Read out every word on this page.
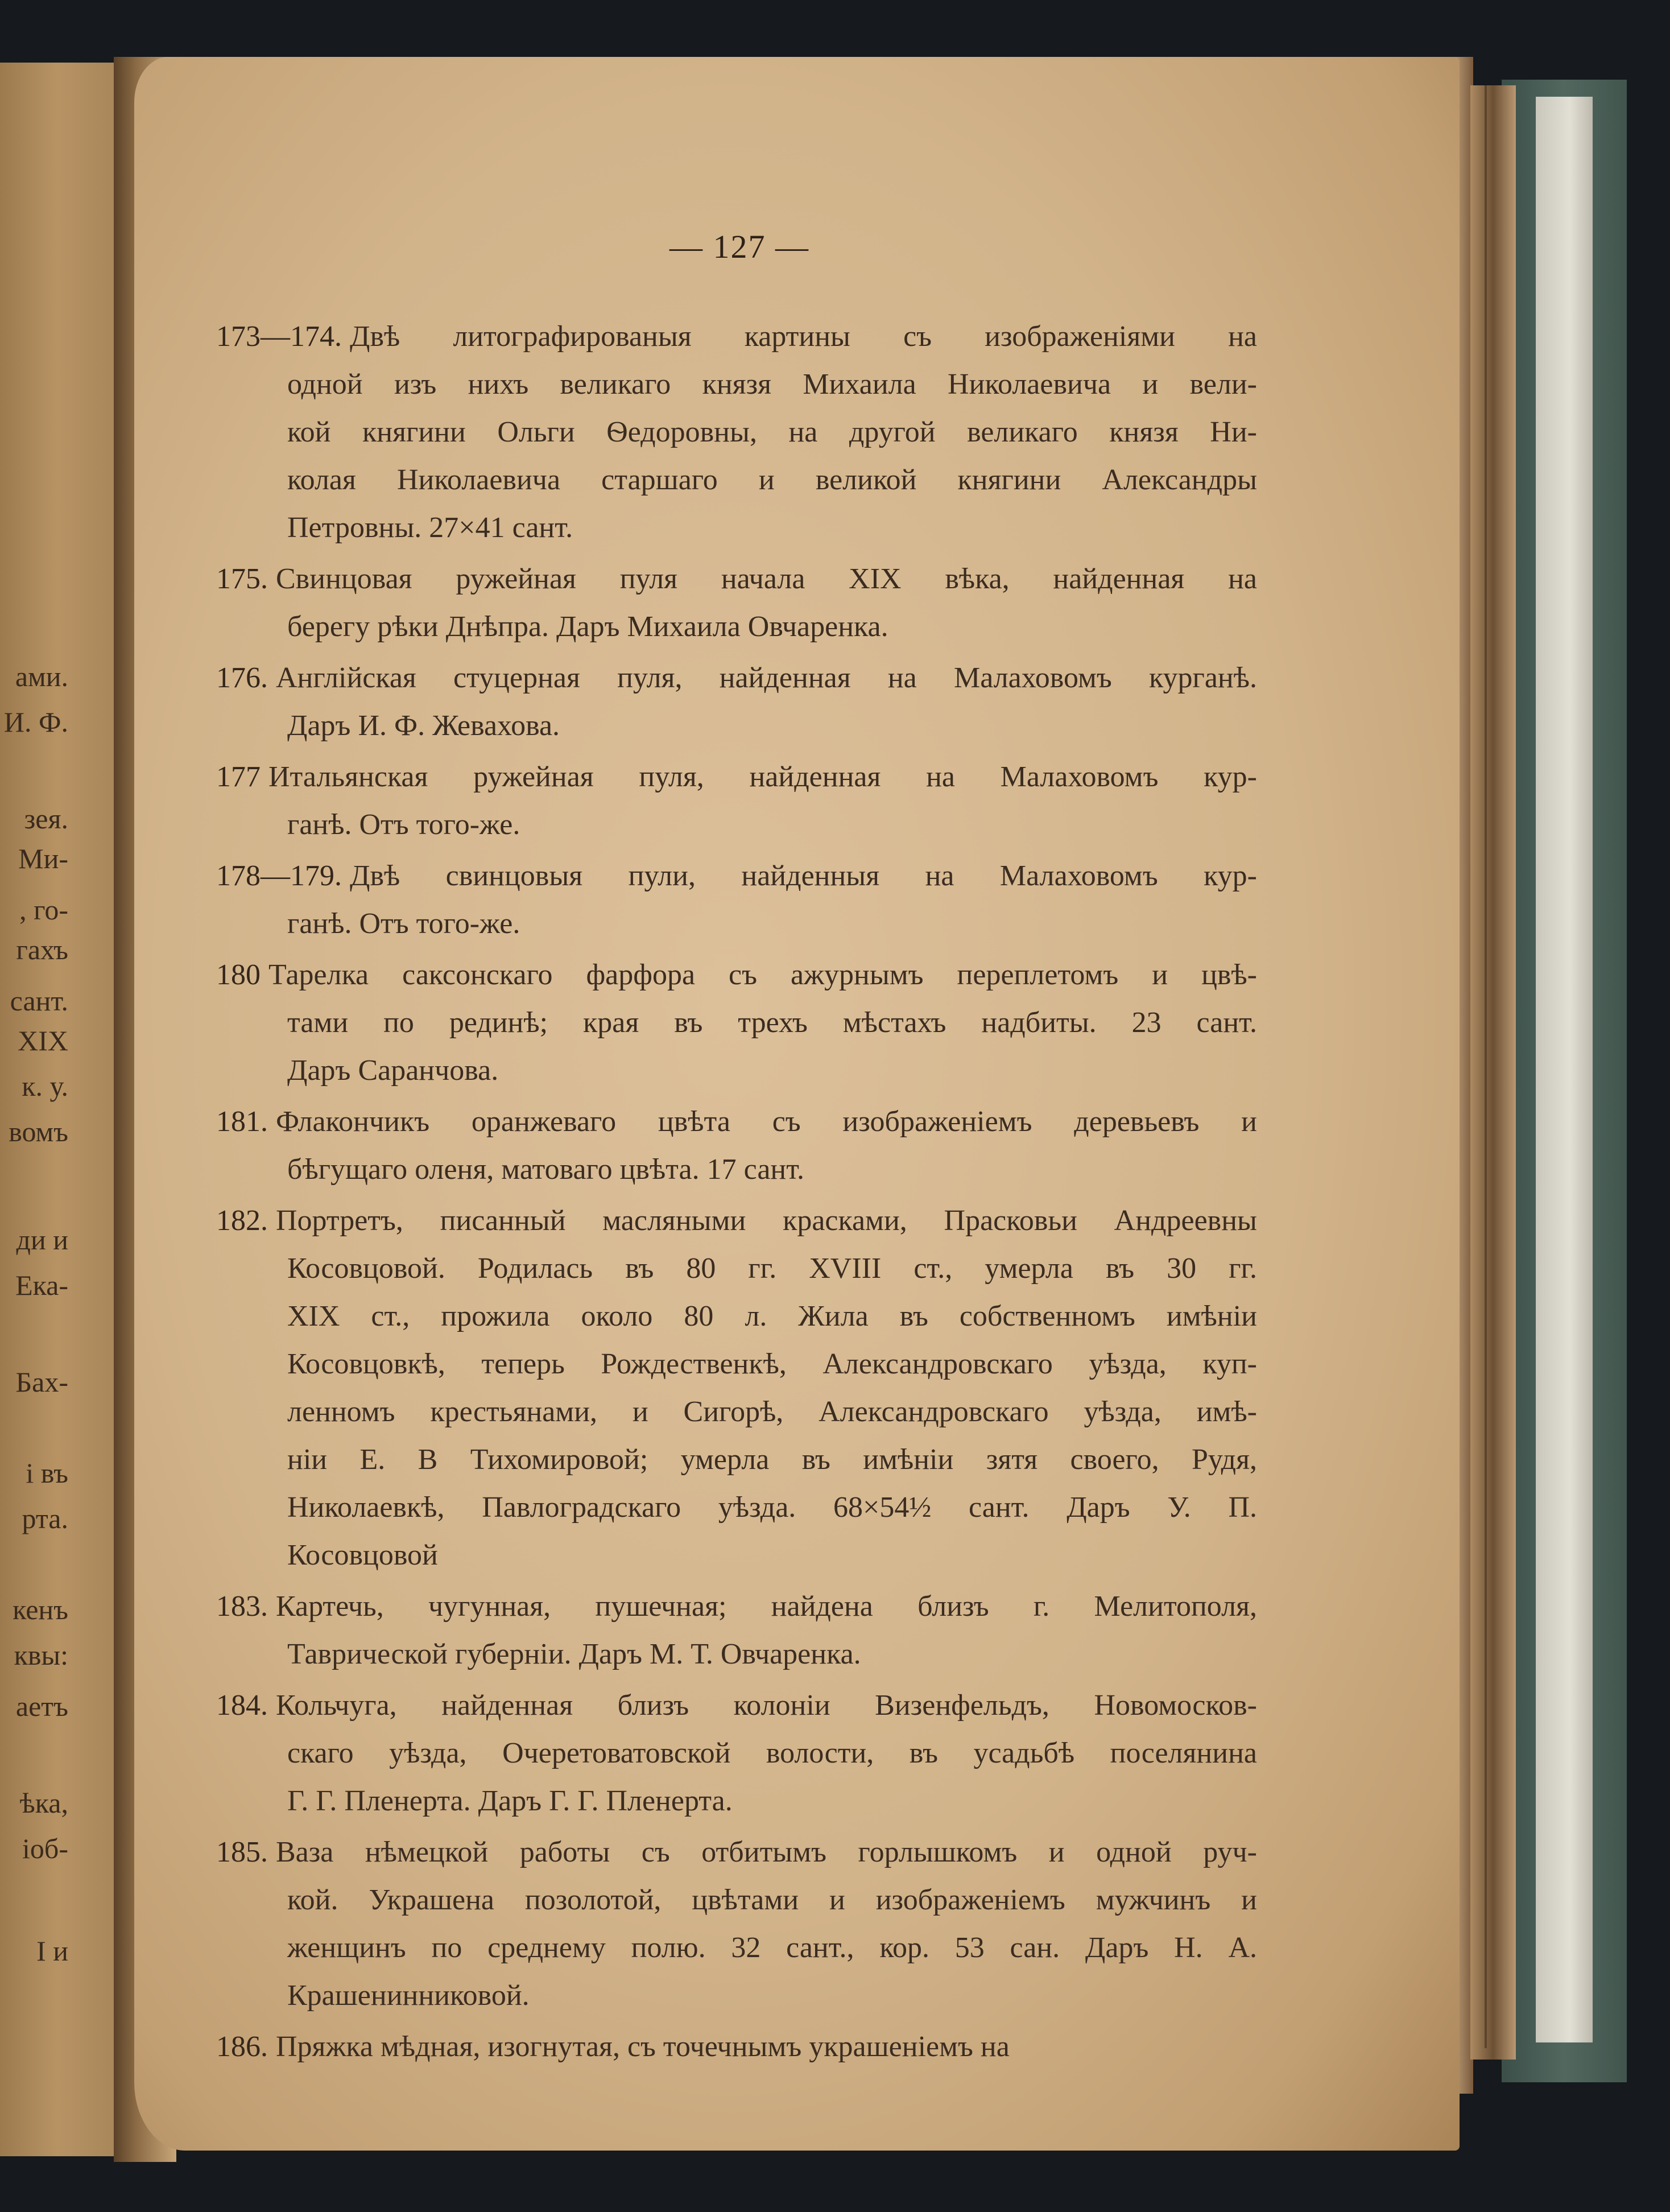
ами.
И. Ф.
зея.
Ми-
, го-
гахъ
сант.
XIX
к. у.
вомъ
ди и
Ека-
Бах-
і въ
рта.
кенъ
квы:
аетъ
ѣка,
іоб-
І и
— 127 —
173—174. Двѣ литографированыя картины съ изображеніями на
одной изъ нихъ великаго князя Михаила Николаевича и вели-
кой княгини Ольги Ѳедоровны, на другой великаго князя Ни-
колая Николаевича старшаго и великой княгини Александры
Петровны. 27×41 сант.
175. Свинцовая ружейная пуля начала XIX вѣка, найденная на
берегу рѣки Днѣпра. Даръ Михаила Овчаренка.
176. Англійская стуцерная пуля, найденная на Малаховомъ курганѣ.
Даръ И. Ф. Жевахова.
177 Итальянская ружейная пуля, найденная на Малаховомъ кур-
ганѣ. Отъ того-же.
178—179. Двѣ свинцовыя пули, найденныя на Малаховомъ кур-
ганѣ. Отъ того-же.
180 Тарелка саксонскаго фарфора съ ажурнымъ переплетомъ и цвѣ-
тами по рединѣ; края въ трехъ мѣстахъ надбиты. 23 сант.
Даръ Саранчова.
181. Флакончикъ оранжеваго цвѣта съ изображеніемъ деревьевъ и
бѣгущаго оленя, матоваго цвѣта. 17 сант.
182. Портретъ, писанный масляными красками, Прасковьи Андреевны
Косовцовой. Родилась въ 80 гг. XVIII ст., умерла въ 30 гг.
XIX ст., прожила около 80 л. Жила въ собственномъ имѣніи
Косовцовкѣ, теперь Рождественкѣ, Александровскаго уѣзда, куп-
ленномъ крестьянами, и Сигорѣ, Александровскаго уѣзда, имѣ-
ніи Е. В Тихомировой; умерла въ имѣніи зятя своего, Рудя,
Николаевкѣ, Павлоградскаго уѣзда. 68×54½ сант. Даръ У. П.
Косовцовой
183. Картечь, чугунная, пушечная; найдена близъ г. Мелитополя,
Таврической губерніи. Даръ М. Т. Овчаренка.
184. Кольчуга, найденная близъ колоніи Визенфельдъ, Новомосков-
скаго уѣзда, Очеретоватовской волости, въ усадьбѣ поселянина
Г. Г. Пленерта. Даръ Г. Г. Пленерта.
185. Ваза нѣмецкой работы съ отбитымъ горлышкомъ и одной руч-
кой. Украшена позолотой, цвѣтами и изображеніемъ мужчинъ и
женщинъ по среднему полю. 32 сант., кор. 53 сан. Даръ Н. А.
Крашенинниковой.
186. Пряжка мѣдная, изогнутая, съ точечнымъ украшеніемъ на
